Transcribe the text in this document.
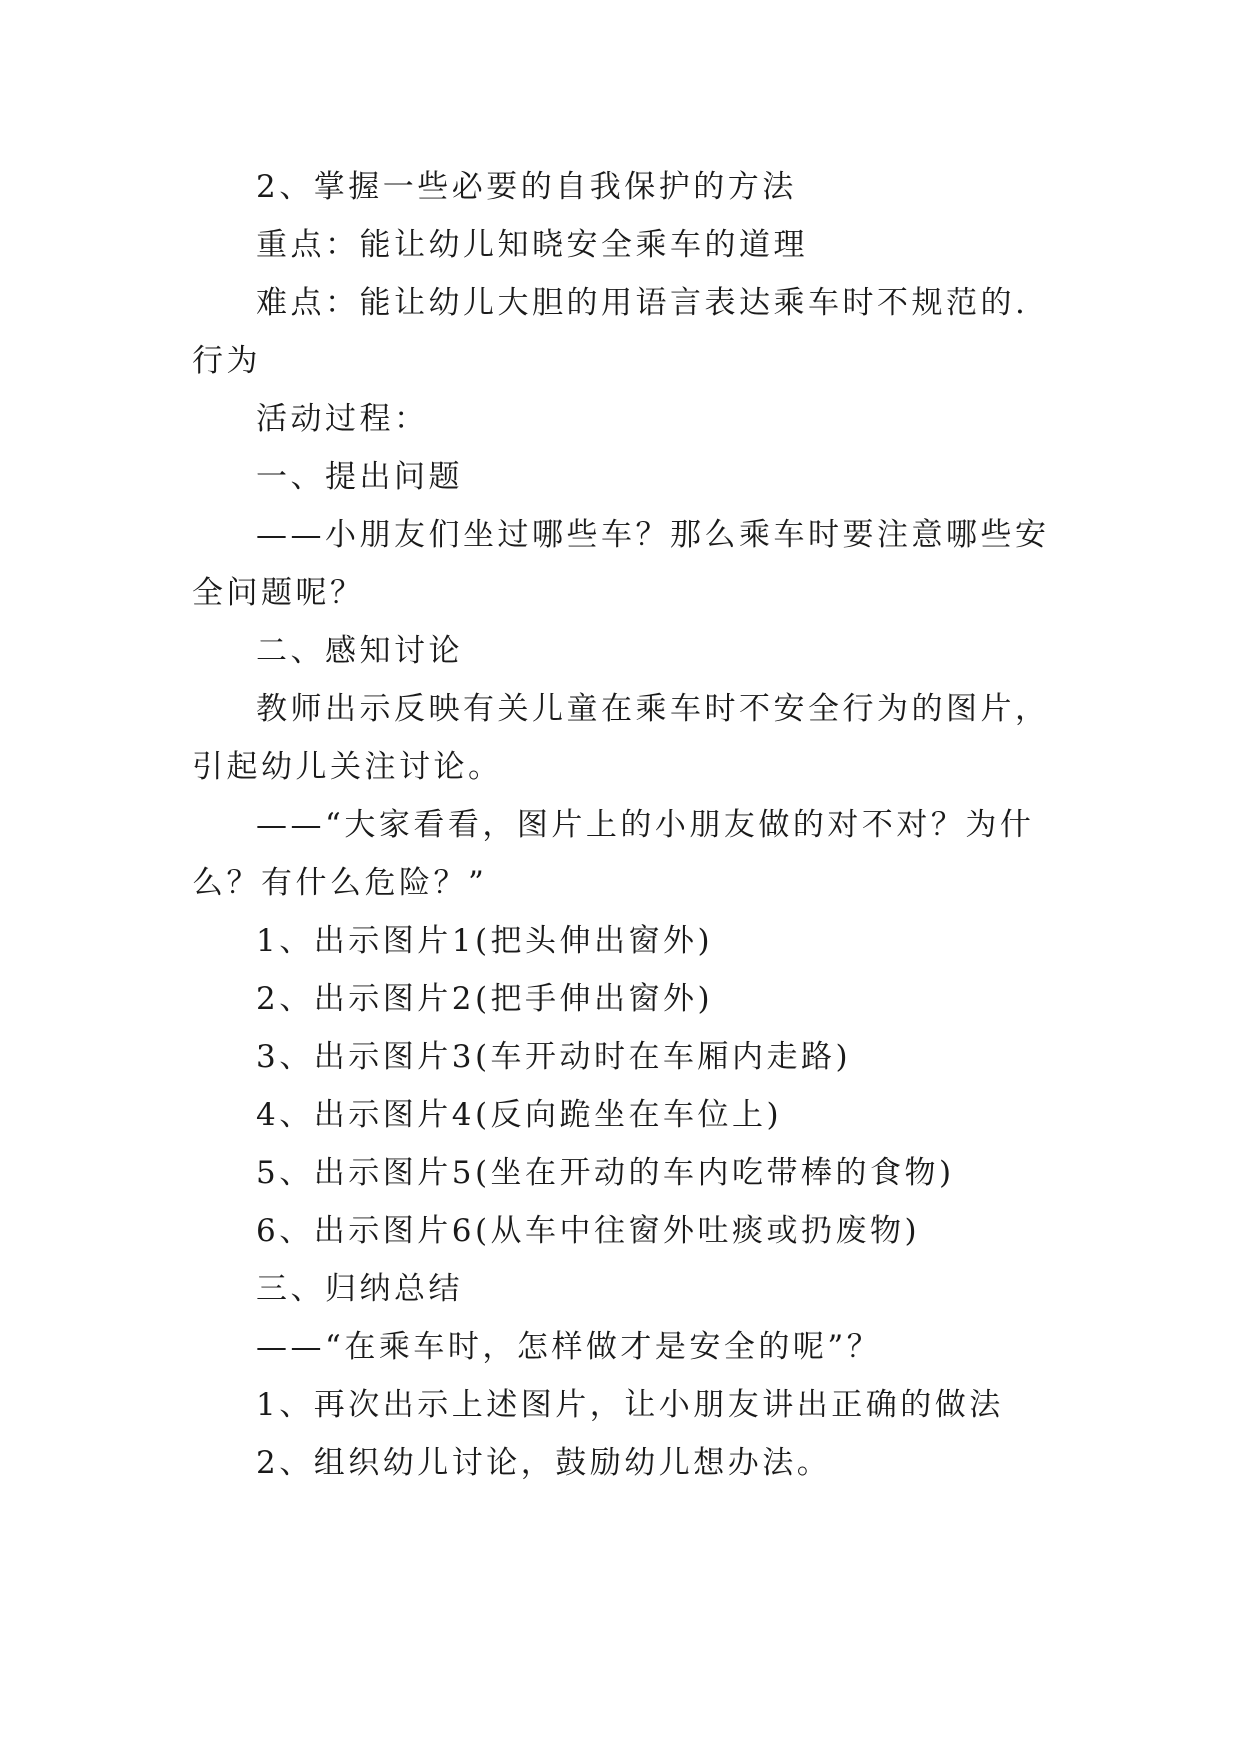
2、掌握一些必要的自我保护的方法

重点：能让幼儿知晓安全乘车的道理

难点：能让幼儿大胆的用语言表达乘车时不规范的.行为

活动过程：

一、提出问题

——小朋友们坐过哪些车？那么乘车时要注意哪些安全问题呢？

二、感知讨论

教师出示反映有关儿童在乘车时不安全行为的图片，引起幼儿关注讨论。

——“大家看看，图片上的小朋友做的对不对？为什么？有什么危险？”

1、出示图片1(把头伸出窗外)

2、出示图片2(把手伸出窗外)

3、出示图片3(车开动时在车厢内走路)

4、出示图片4(反向跪坐在车位上)

5、出示图片5(坐在开动的车内吃带棒的食物)

6、出示图片6(从车中往窗外吐痰或扔废物)

三、归纳总结

——“在乘车时，怎样做才是安全的呢”？

1、再次出示上述图片，让小朋友讲出正确的做法

2、组织幼儿讨论，鼓励幼儿想办法。
